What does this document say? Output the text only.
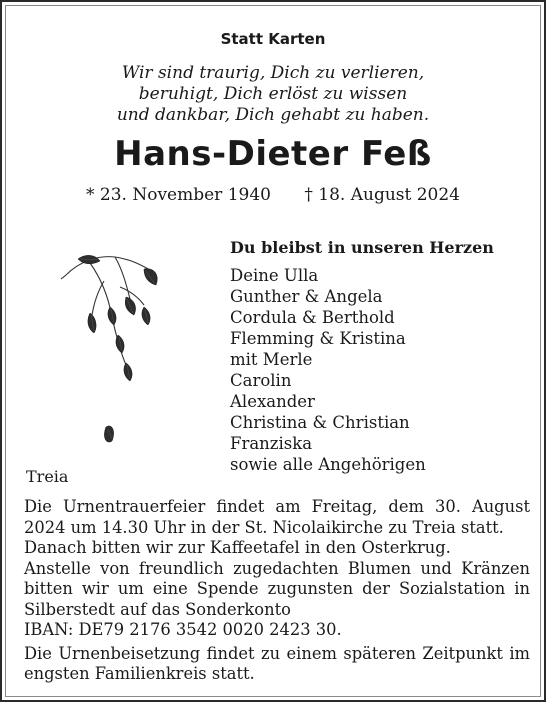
Statt Karten
Wir sind traurig, Dich zu verlieren,
beruhigt, Dich erlöst zu wissen
und dankbar, Dich gehabt zu haben.
Hans-Dieter Feß
* 23. November 1940 † 18. August 2024
Du bleibst in unseren Herzen
Deine Ulla
Gunther & Angela
Cordula & Berthold
Flemming & Kristina
mit Merle
Carolin
Alexander
Christina & Christian
Franziska
sowie alle Angehörigen
Treia

Die Urnentrauerfeier findet am Freitag, dem 30. August 2024 um 14.30 Uhr in der St. Nicolaikirche zu Treia statt.

Danach bitten wir zur Kaffeetafel in den Osterkrug.

Anstelle von freundlich zugedachten Blumen und Kränzen bitten wir um eine Spende zugunsten der Sozialstation in Silberstedt auf das Sonderkonto

IBAN: DE79 2176 3542 0020 2423 30.

Die Urnenbeisetzung findet zu einem späteren Zeitpunkt im engsten Familienkreis statt.
